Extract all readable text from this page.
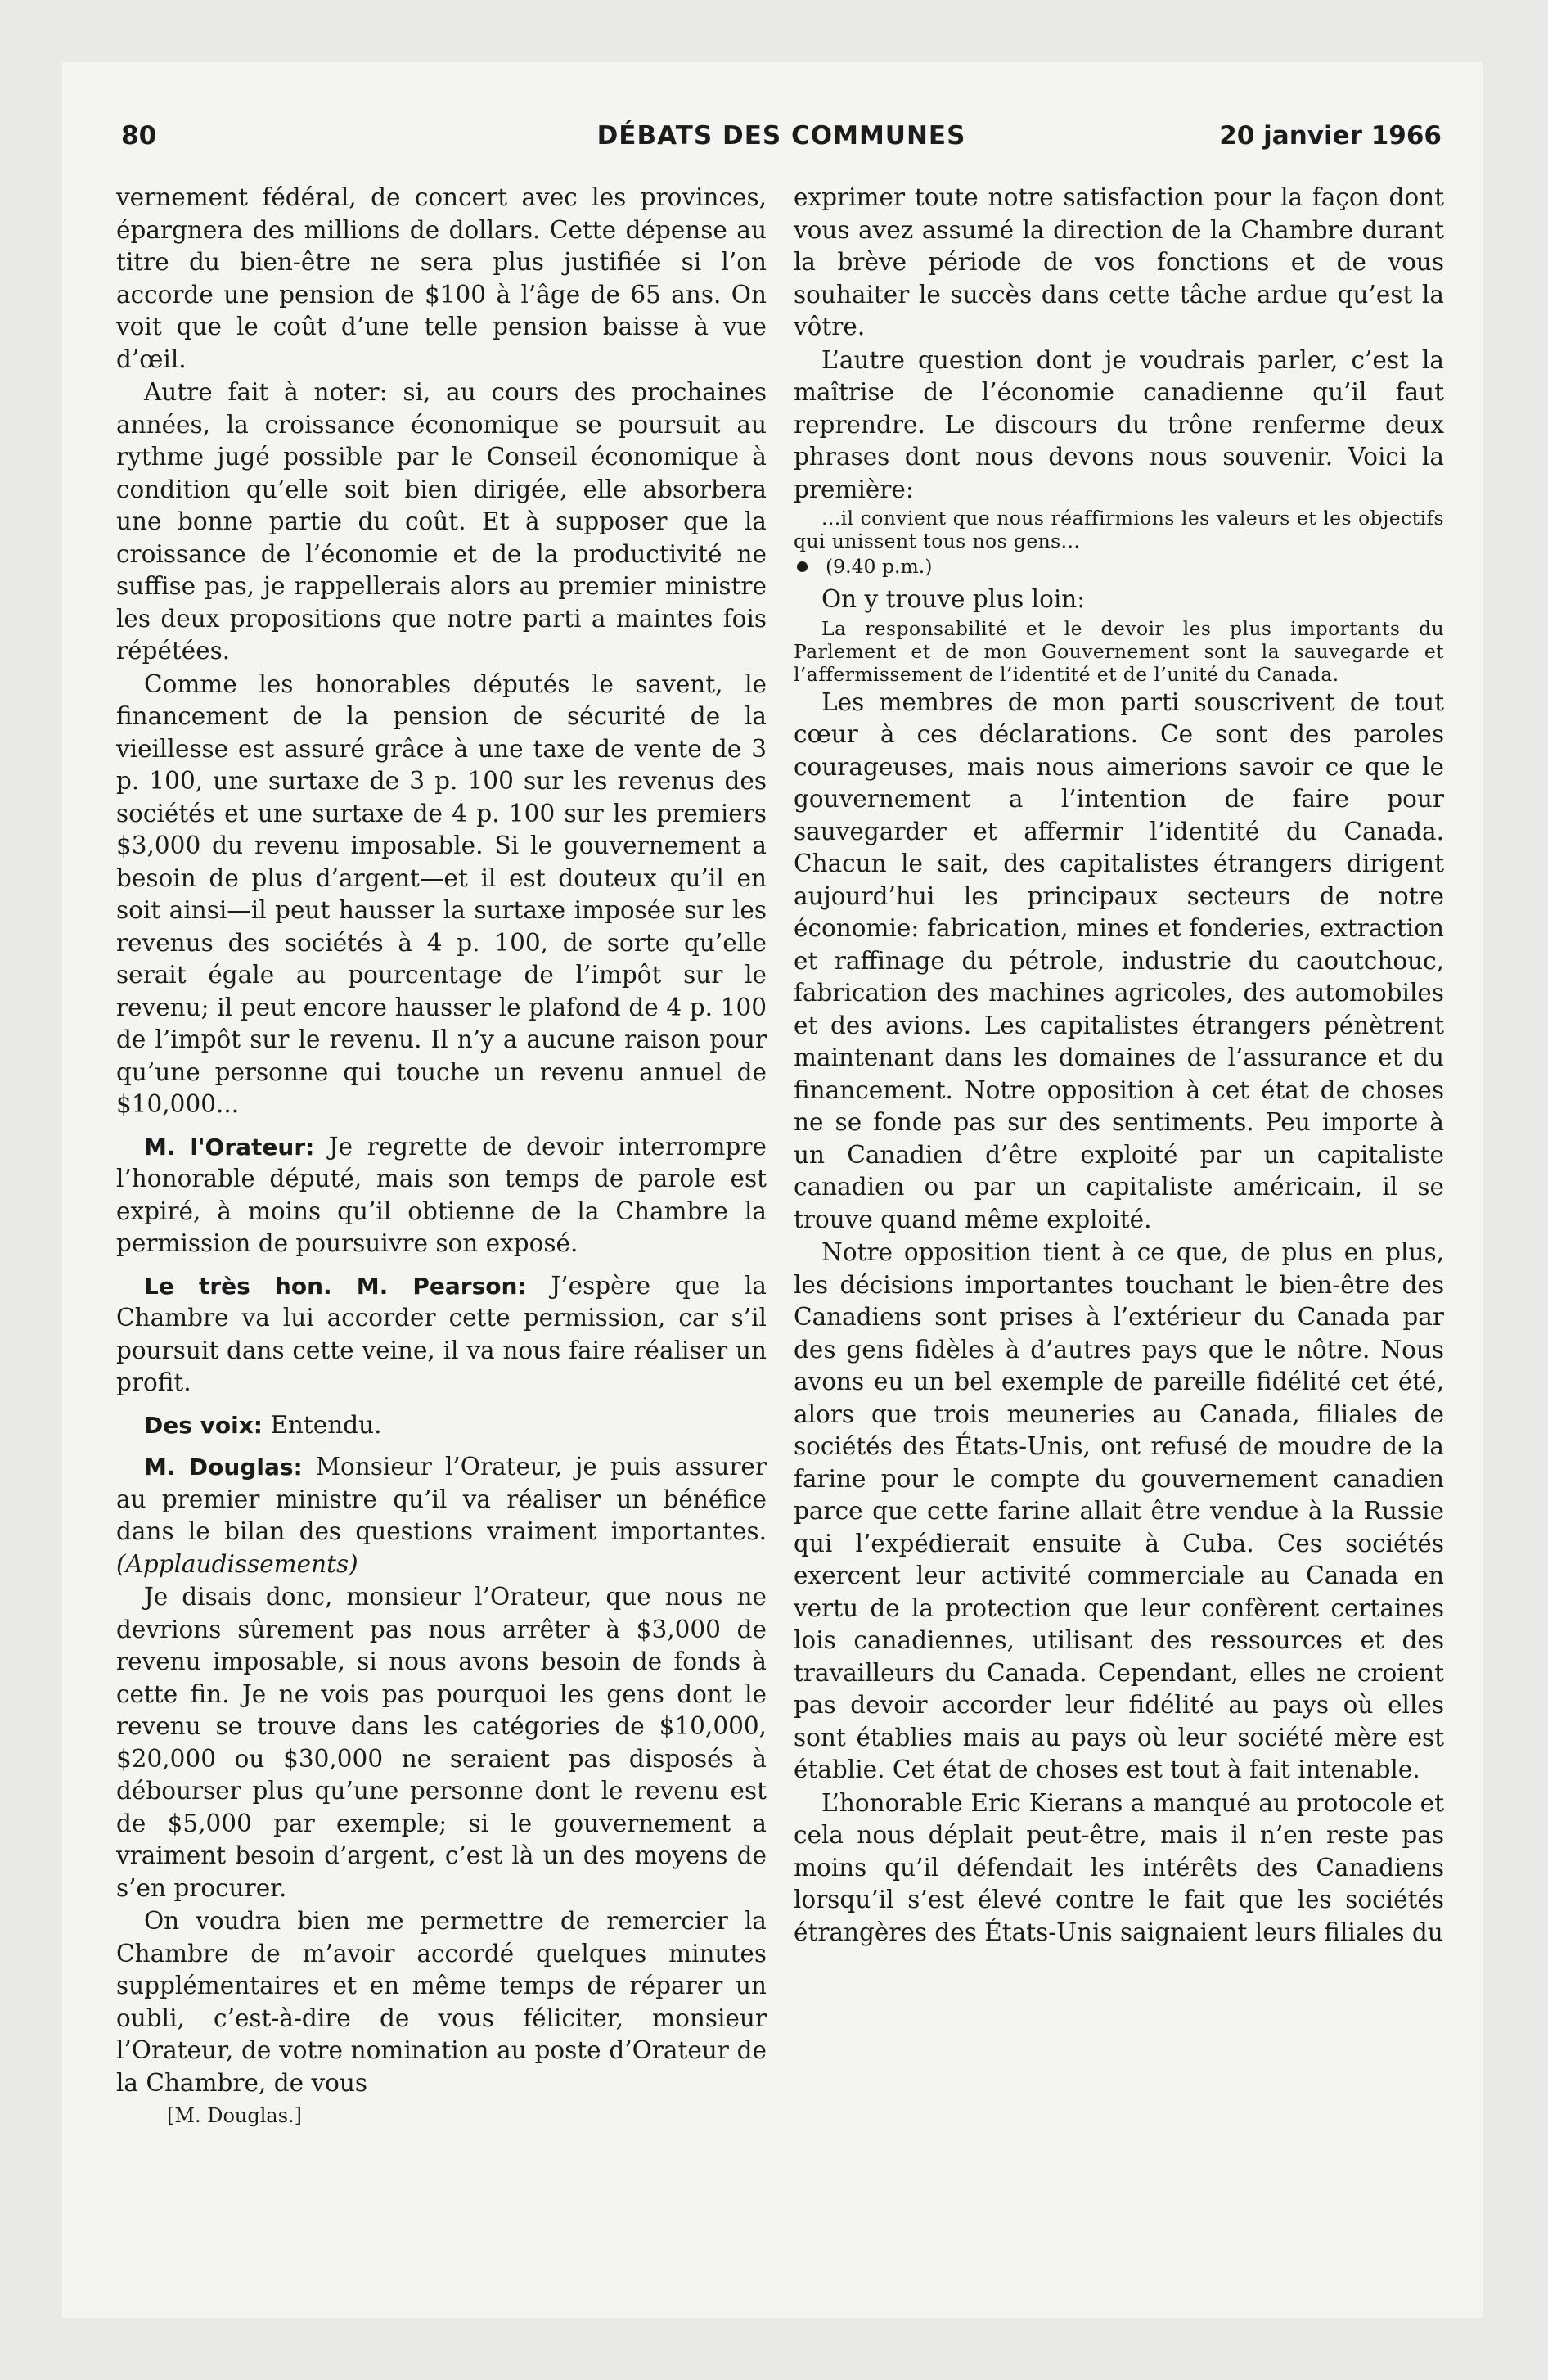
80	DÉBATS DES COMMUNES	20 janvier 1966

vernement fédéral, de concert avec les provinces, épargnera des millions de dollars. Cette dépense au titre du bien-être ne sera plus justifiée si l’on accorde une pension de $100 à l’âge de 65 ans. On voit que le coût d’une telle pension baisse à vue d’œil.

Autre fait à noter: si, au cours des prochaines années, la croissance économique se poursuit au rythme jugé possible par le Conseil économique à condition qu’elle soit bien dirigée, elle absorbera une bonne partie du coût. Et à supposer que la croissance de l’économie et de la productivité ne suffise pas, je rappellerais alors au premier ministre les deux propositions que notre parti a maintes fois répétées.

Comme les honorables députés le savent, le financement de la pension de sécurité de la vieillesse est assuré grâce à une taxe de vente de 3 p. 100, une surtaxe de 3 p. 100 sur les revenus des sociétés et une surtaxe de 4 p. 100 sur les premiers $3,000 du revenu imposable. Si le gouvernement a besoin de plus d’argent—et il est douteux qu’il en soit ainsi—il peut hausser la surtaxe imposée sur les revenus des sociétés à 4 p. 100, de sorte qu’elle serait égale au pourcentage de l’impôt sur le revenu; il peut encore hausser le plafond de 4 p. 100 de l’impôt sur le revenu. Il n’y a aucune raison pour qu’une personne qui touche un revenu annuel de $10,000...

M. l'Orateur: Je regrette de devoir interrompre l’honorable député, mais son temps de parole est expiré, à moins qu’il obtienne de la Chambre la permission de poursuivre son exposé.

Le très hon. M. Pearson: J’espère que la Chambre va lui accorder cette permission, car s’il poursuit dans cette veine, il va nous faire réaliser un profit.

Des voix: Entendu.

M. Douglas: Monsieur l’Orateur, je puis assurer au premier ministre qu’il va réaliser un bénéfice dans le bilan des questions vraiment importantes. (Applaudissements)

Je disais donc, monsieur l’Orateur, que nous ne devrions sûrement pas nous arrêter à $3,000 de revenu imposable, si nous avons besoin de fonds à cette fin. Je ne vois pas pourquoi les gens dont le revenu se trouve dans les catégories de $10,000, $20,000 ou $30,000 ne seraient pas disposés à débourser plus qu’une personne dont le revenu est de $5,000 par exemple; si le gouvernement a vraiment besoin d’argent, c’est là un des moyens de s’en procurer.

On voudra bien me permettre de remercier la Chambre de m’avoir accordé quelques minutes supplémentaires et en même temps de réparer un oubli, c’est-à-dire de vous féliciter, monsieur l’Orateur, de votre nomination au poste d’Orateur de la Chambre, de vous

[M. Douglas.]

exprimer toute notre satisfaction pour la façon dont vous avez assumé la direction de la Chambre durant la brève période de vos fonctions et de vous souhaiter le succès dans cette tâche ardue qu’est la vôtre.

L’autre question dont je voudrais parler, c’est la maîtrise de l’économie canadienne qu’il faut reprendre. Le discours du trône renferme deux phrases dont nous devons nous souvenir. Voici la première:

...il convient que nous réaffirmions les valeurs et les objectifs qui unissent tous nos gens...

(9.40 p.m.)

On y trouve plus loin:

La responsabilité et le devoir les plus importants du Parlement et de mon Gouvernement sont la sauvegarde et l’affermissement de l’identité et de l’unité du Canada.

Les membres de mon parti souscrivent de tout cœur à ces déclarations. Ce sont des paroles courageuses, mais nous aimerions savoir ce que le gouvernement a l’intention de faire pour sauvegarder et affermir l’identité du Canada. Chacun le sait, des capitalistes étrangers dirigent aujourd’hui les principaux secteurs de notre économie: fabrication, mines et fonderies, extraction et raffinage du pétrole, industrie du caoutchouc, fabrication des machines agricoles, des automobiles et des avions. Les capitalistes étrangers pénètrent maintenant dans les domaines de l’assurance et du financement. Notre opposition à cet état de choses ne se fonde pas sur des sentiments. Peu importe à un Canadien d’être exploité par un capitaliste canadien ou par un capitaliste américain, il se trouve quand même exploité.

Notre opposition tient à ce que, de plus en plus, les décisions importantes touchant le bien-être des Canadiens sont prises à l’extérieur du Canada par des gens fidèles à d’autres pays que le nôtre. Nous avons eu un bel exemple de pareille fidélité cet été, alors que trois meuneries au Canada, filiales de sociétés des États-Unis, ont refusé de moudre de la farine pour le compte du gouvernement canadien parce que cette farine allait être vendue à la Russie qui l’expédierait ensuite à Cuba. Ces sociétés exercent leur activité commerciale au Canada en vertu de la protection que leur confèrent certaines lois canadiennes, utilisant des ressources et des travailleurs du Canada. Cependant, elles ne croient pas devoir accorder leur fidélité au pays où elles sont établies mais au pays où leur société mère est établie. Cet état de choses est tout à fait intenable.

L’honorable Eric Kierans a manqué au protocole et cela nous déplait peut-être, mais il n’en reste pas moins qu’il défendait les intérêts des Canadiens lorsqu’il s’est élevé contre le fait que les sociétés étrangères des États-Unis saignaient leurs filiales du
